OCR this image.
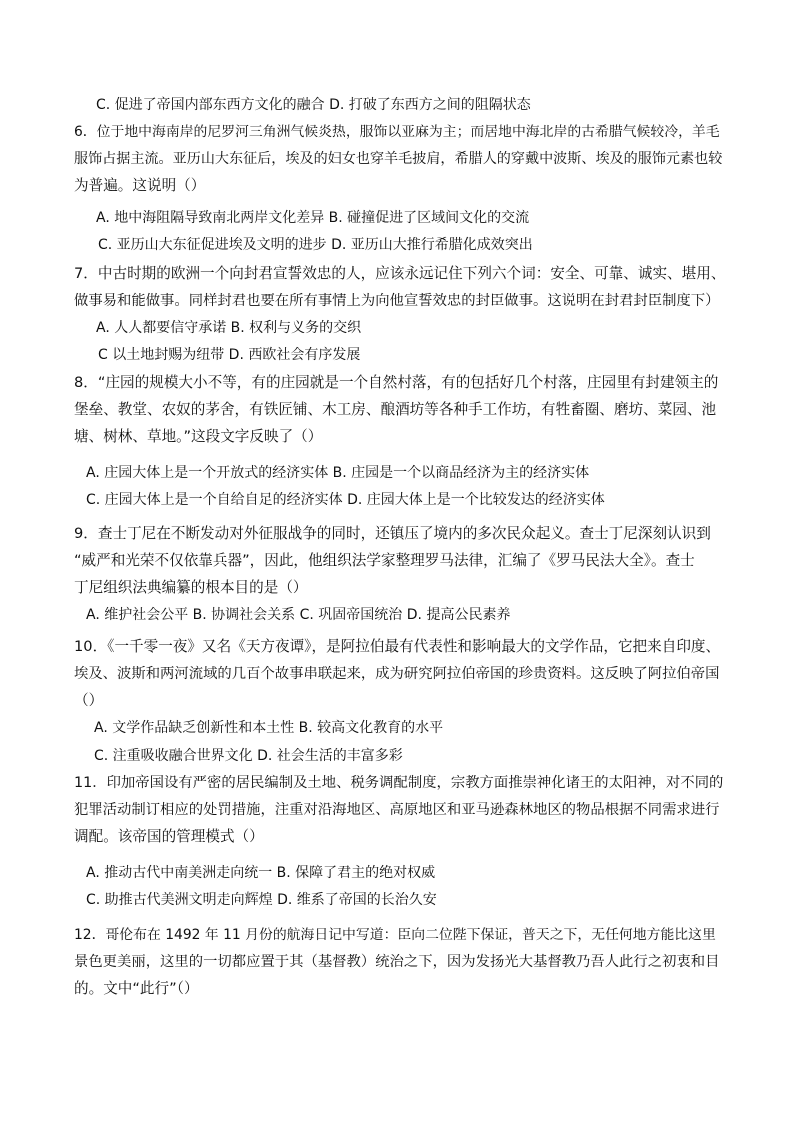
C. 促进了帝国内部东西方文化的融合 D. 打破了东西方之间的阻隔状态
6．位于地中海南岸的尼罗河三角洲气候炎热，服饰以亚麻为主；而居地中海北岸的古希腊气候较冷，羊毛
服饰占据主流。亚历山大东征后，埃及的妇女也穿羊毛披肩，希腊人的穿戴中波斯、埃及的服饰元素也较
为普遍。这说明（）
A. 地中海阻隔导致南北两岸文化差异 B. 碰撞促进了区域间文化的交流
C. 亚历山大东征促进埃及文明的进步 D. 亚历山大推行希腊化成效突出
7．中古时期的欧洲一个向封君宣誓效忠的人，应该永远记住下列六个词：安全、可靠、诚实、堪用、
做事易和能做事。同样封君也要在所有事情上为向他宣誓效忠的封臣做事。这说明在封君封臣制度下）
A. 人人都要信守承诺 B. 权利与义务的交织
C 以土地封赐为纽带 D. 西欧社会有序发展
8．“庄园的规模大小不等，有的庄园就是一个自然村落，有的包括好几个村落，庄园里有封建领主的
堡垒、教堂、农奴的茅舍，有铁匠铺、木工房、酿酒坊等各种手工作坊，有牲畜圈、磨坊、菜园、池
塘、树林、草地。”这段文字反映了（）
A. 庄园大体上是一个开放式的经济实体 B. 庄园是一个以商品经济为主的经济实体
C. 庄园大体上是一个自给自足的经济实体 D. 庄园大体上是一个比较发达的经济实体
9．查士丁尼在不断发动对外征服战争的同时，还镇压了境内的多次民众起义。查士丁尼深刻认识到
“威严和光荣不仅依靠兵器”，因此，他组织法学家整理罗马法律，汇编了《罗马民法大全》。查士
丁尼组织法典编纂的根本目的是（）
A. 维护社会公平 B. 协调社会关系 C. 巩固帝国统治 D. 提高公民素养
10．《一千零一夜》又名《天方夜谭》，是阿拉伯最有代表性和影响最大的文学作品，它把来自印度、
埃及、波斯和两河流域的几百个故事串联起来，成为研究阿拉伯帝国的珍贵资料。这反映了阿拉伯帝国
（）
A. 文学作品缺乏创新性和本土性 B. 较高文化教育的水平
C. 注重吸收融合世界文化 D. 社会生活的丰富多彩
11．印加帝国设有严密的居民编制及土地、税务调配制度，宗教方面推崇神化诸王的太阳神，对不同的
犯罪活动制订相应的处罚措施，注重对沿海地区、高原地区和亚马逊森林地区的物品根据不同需求进行
调配。该帝国的管理模式（）
A. 推动古代中南美洲走向统一 B. 保障了君主的绝对权威
C. 助推古代美洲文明走向辉煌 D. 维系了帝国的长治久安
12．哥伦布在 1492 年 11 月份的航海日记中写道：臣向二位陛下保证，普天之下，无任何地方能比这里
景色更美丽，这里的一切都应置于其（基督教）统治之下，因为发扬光大基督教乃吾人此行之初衷和目
的。文中“此行”（）
